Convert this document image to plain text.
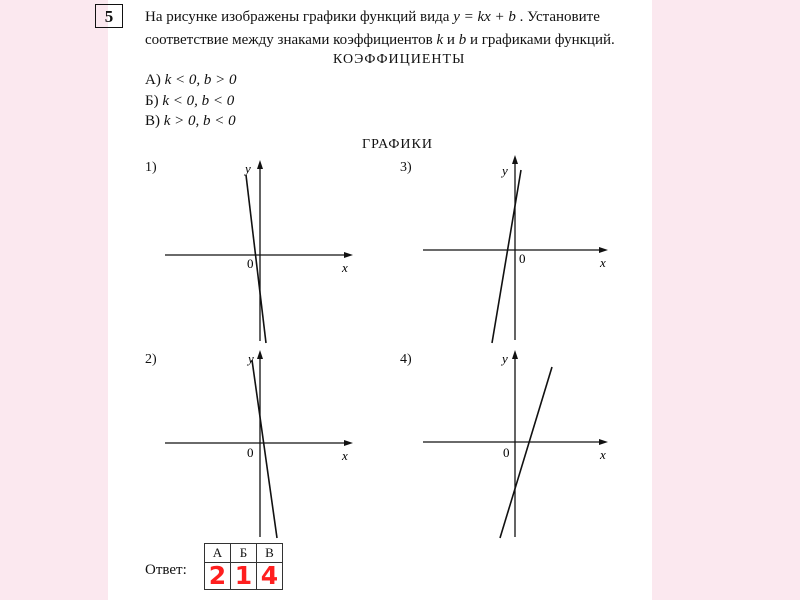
5	На рисунке изображены графики функций вида y = kx + b . Установите
соответствие между знаками коэффициентов k и b и графиками функций.
КОЭФФИЦИЕНТЫ
А) k < 0, b > 0
Б) k < 0, b < 0
В) k > 0, b < 0
ГРАФИКИ
1)	y
x
0
3)	y
x
0
2)	y
x
0
4)	y
x
0
Ответ:
А	Б	В
2	1	4
